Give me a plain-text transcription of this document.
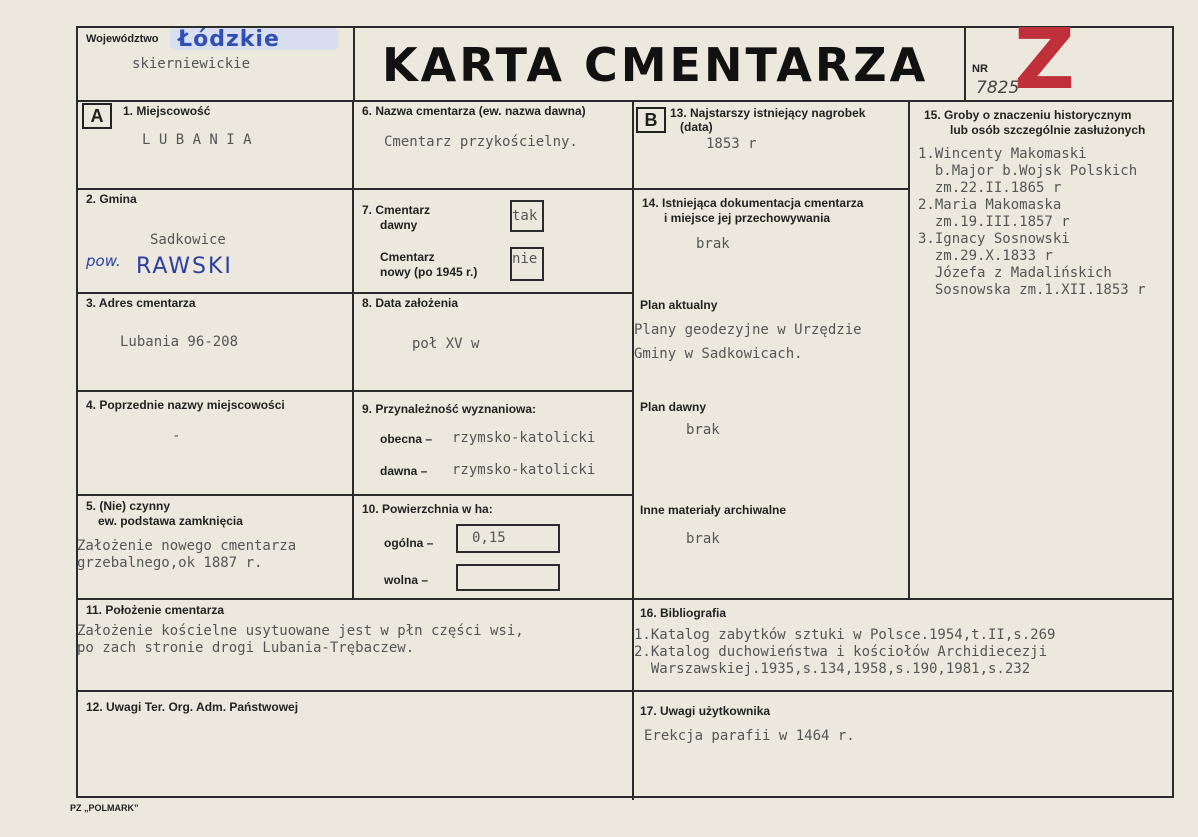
Województwo Łódzkie
skierniewickie	KARTA CMENTARZA	NR
7825
Z
A	B
1. Miejscowość
L U B A N I A
2. Gmina
Sadkowice
pow. RAWSKI
3. Adres cmentarza
Lubania 96-208
4. Poprzednie nazwy miejscowości
-
5. (Nie) czynny
ew. podstawa zamknięcia
Założenie nowego cmentarza
grzebalnego,ok 1887 r.
6. Nazwa cmentarza (ew. nazwa dawna)
Cmentarz przykościelny.
7. Cmentarz
dawny
tak
Cmentarz
nowy (po 1945 r.)
nie
8. Data założenia
poł XV w
9. Przynależność wyznaniowa:
obecna – rzymsko-katolicki
dawna – rzymsko-katolicki
10. Powierzchnia w ha:
ogólna –	0,15
wolna –
11. Położenie cmentarza
Założenie kościelne usytuowane jest w płn części wsi,
po zach stronie drogi Lubania-Trębaczew.
12. Uwagi Ter. Org. Adm. Państwowej
13. Najstarszy istniejący nagrobek
(data)
1853 r
14. Istniejąca dokumentacja cmentarza
i miejsce jej przechowywania
brak
Plan aktualny
Plany geodezyjne w Urzędzie
Gminy w Sadkowicach.
Plan dawny
brak
Inne materiały archiwalne
brak
15. Groby o znaczeniu historycznym
lub osób szczególnie zasłużonych
1.Wincenty Makomaski
b.Major b.Wojsk Polskich
zm.22.II.1865 r
2.Maria Makomaska
zm.19.III.1857 r
3.Ignacy Sosnowski
zm.29.X.1833 r
Józefa z Madalińskich
Sosnowska zm.1.XII.1853 r
16. Bibliografia
1.Katalog zabytków sztuki w Polsce.1954,t.II,s.269
2.Katalog duchowieństwa i kościołów Archidiecezji
Warszawskiej.1935,s.134,1958,s.190,1981,s.232
17. Uwagi użytkownika
Erekcja parafii w 1464 r.
PZ „POLMARK”
